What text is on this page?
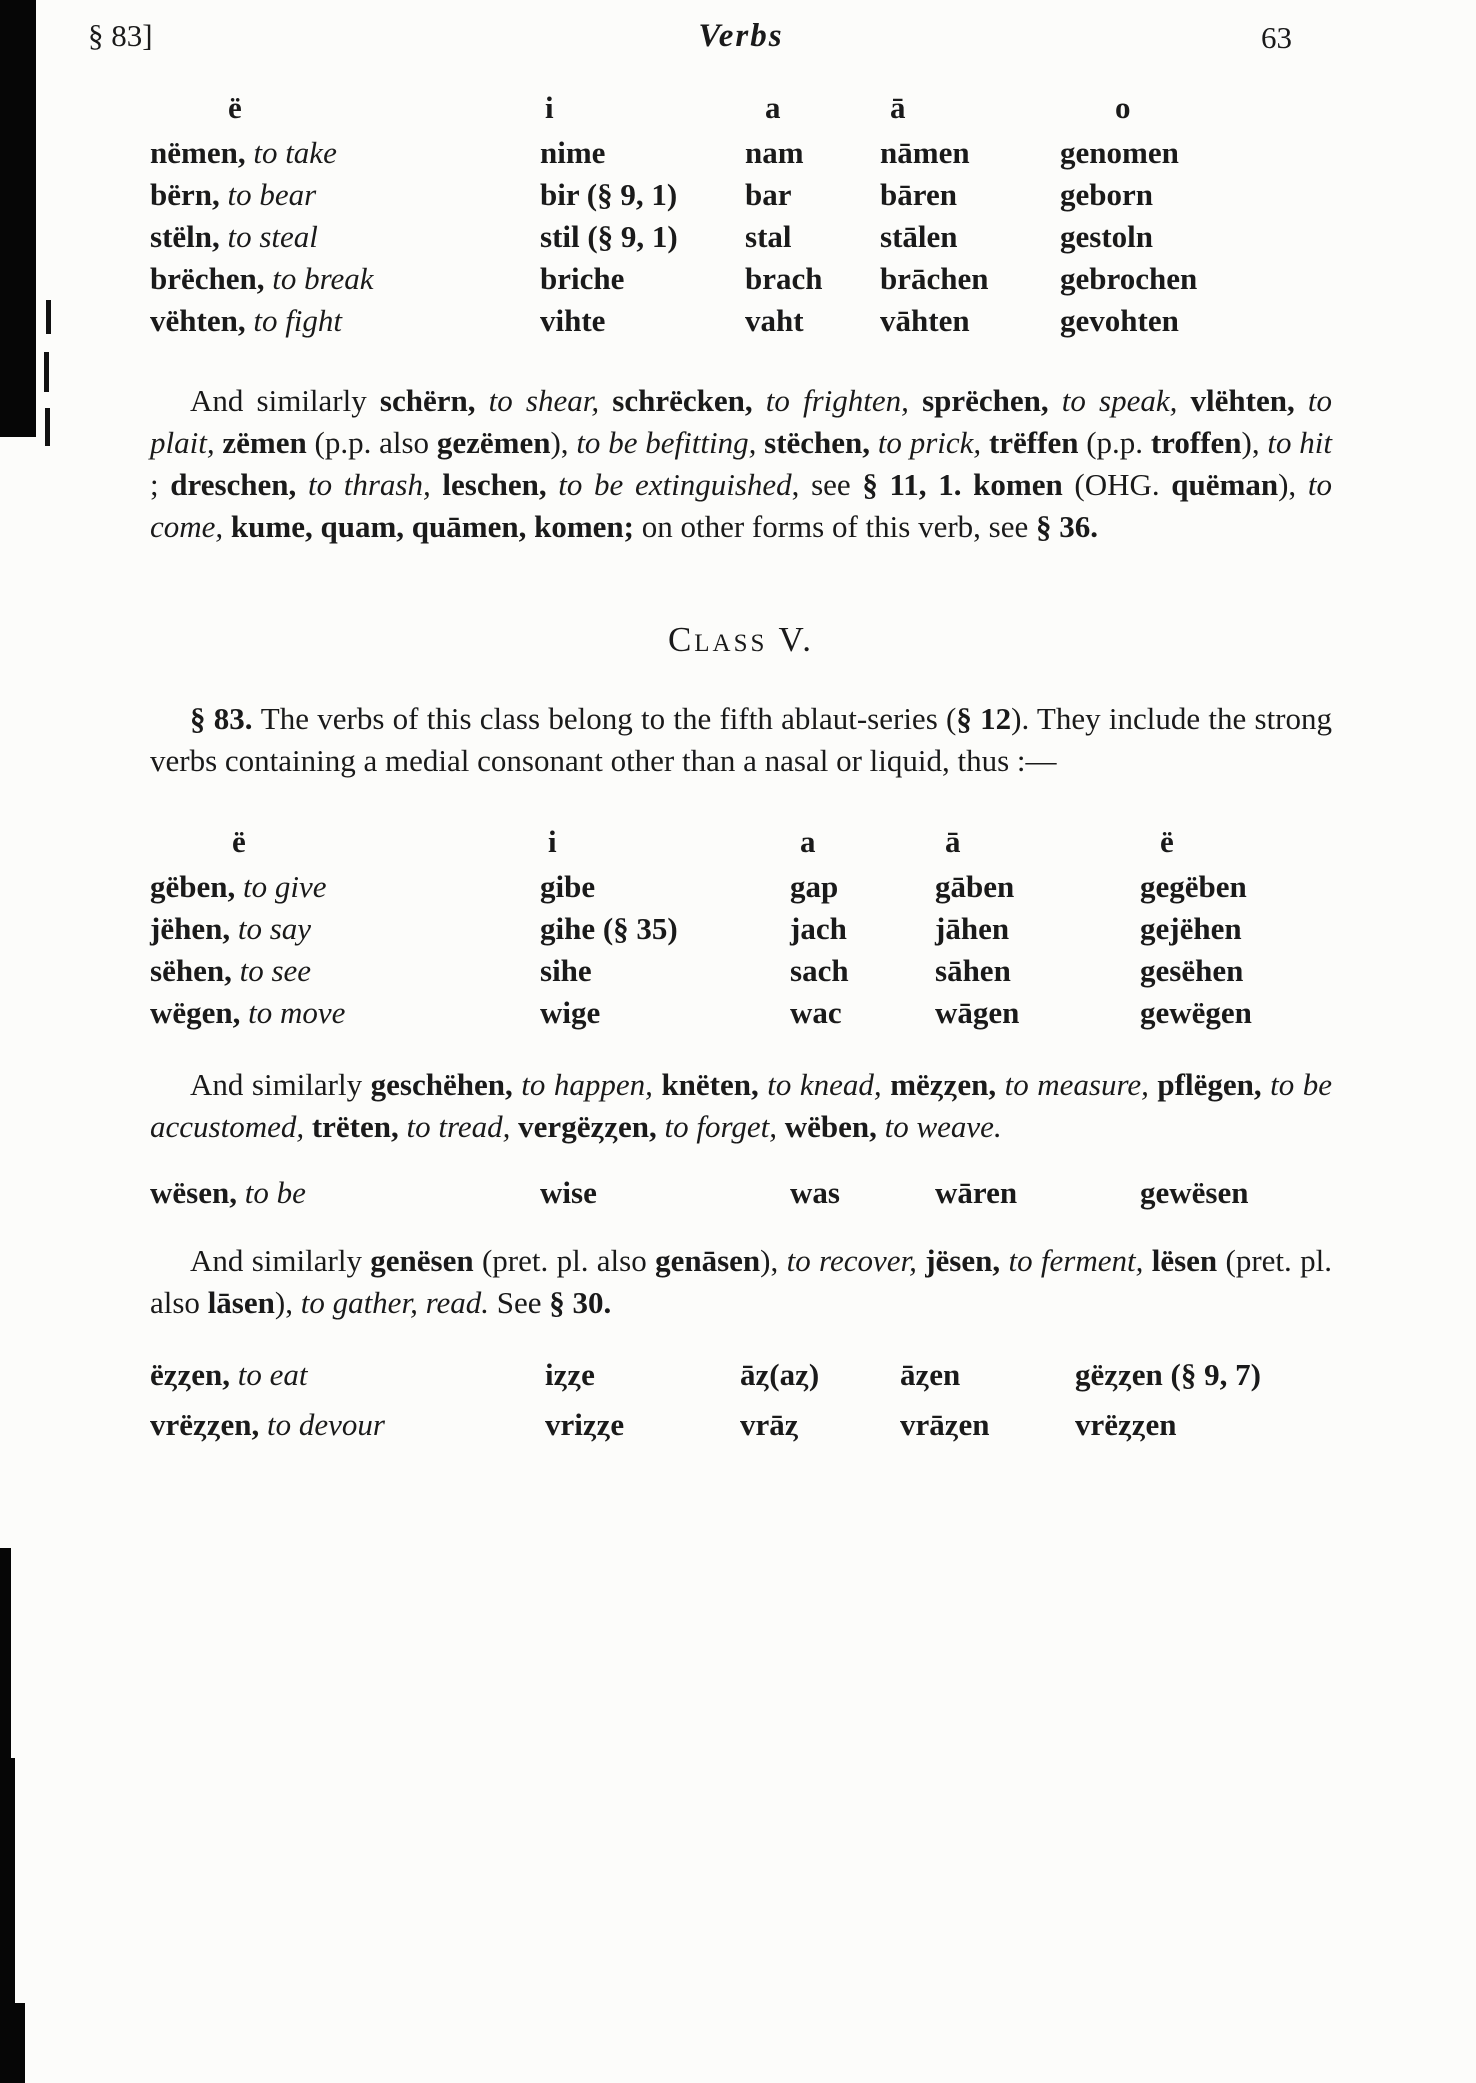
§ 83]	Verbs	63
ë	i	a	ā	o
nëmen, to take	nime	nam	nāmen	genomen
bërn, to bear	bir (§ 9, 1)	bar	bāren	geborn
stëln, to steal	stil (§ 9, 1)	stal	stālen	gestoln
brëchen, to break	briche	brach	brāchen	gebrochen
vëhten, to fight	vihte	vaht	vāhten	gevohten

And similarly schërn, to shear, schrëcken, to frighten, sprëchen, to speak, vlëhten, to plait, zëmen (p.p. also gezëmen), to be befitting, stëchen, to prick, trëffen (p.p. troffen), to hit ; dreschen, to thrash, leschen, to be extinguished, see § 11, 1. komen (OHG. quëman), to come, kume, quam, quāmen, komen; on other forms of this verb, see § 36.

Class V.

§ 83. The verbs of this class belong to the fifth ablaut-series (§ 12). They include the strong verbs containing a medial consonant other than a nasal or liquid, thus :—

ë	i	a	ā	ë
gëben, to give	gibe	gap	gāben	gegëben
jëhen, to say	gihe (§ 35)	jach	jāhen	gejëhen
sëhen, to see	sihe	sach	sāhen	gesëhen
wëgen, to move	wige	wac	wāgen	gewëgen

And similarly geschëhen, to happen, knëten, to knead, mëȥȥen, to measure, pflëgen, to be accustomed, trëten, to tread, vergëȥȥen, to forget, wëben, to weave.

wësen, to be	wise	was	wāren	gewësen

And similarly genësen (pret. pl. also genāsen), to recover, jësen, to ferment, lësen (pret. pl. also lāsen), to gather, read. See § 30.

ëȥȥen, to eat	iȥȥe	āȥ(aȥ)	āȥen	gëȥȥen (§ 9, 7)
vrëȥȥen, to devour	vriȥȥe	vrāȥ	vrāȥen	vrëȥȥen
